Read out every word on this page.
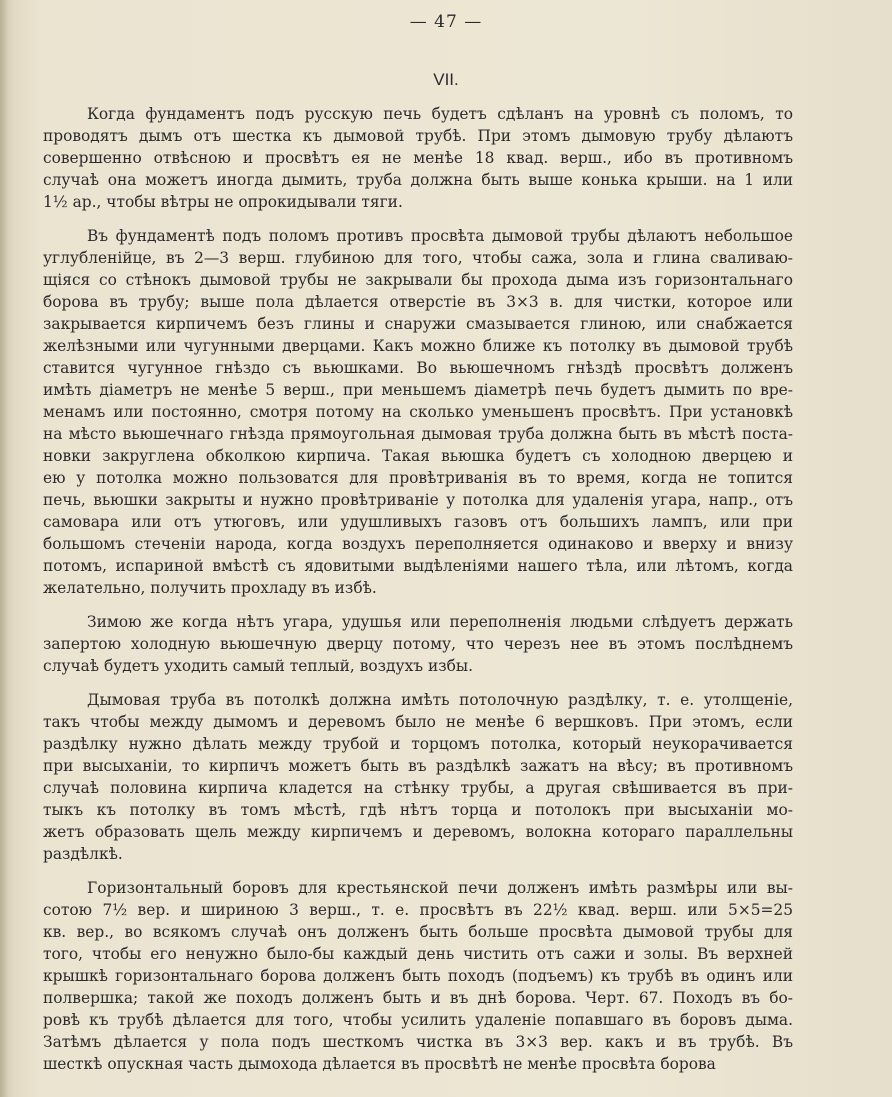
— 47 —
VII.
Когда фундаментъ подъ русскую печь будетъ сдѣланъ на уровнѣ съ поломъ, то
проводятъ дымъ отъ шестка къ дымовой трубѣ. При этомъ дымовую трубу дѣлаютъ
совершенно отвѣсною и просвѣтъ ея не менѣе 18 квад. верш., ибо въ противномъ
случаѣ она можетъ иногда дымить, труба должна быть выше конька крыши. на 1 или
1½ ар., чтобы вѣтры не опрокидывали тяги.
Въ фундаментѣ подъ поломъ противъ просвѣта дымовой трубы дѣлаютъ небольшое
углубленійце, въ 2—3 верш. глубиною для того, чтобы сажа, зола и глина сваливаю-
щіяся со стѣнокъ дымовой трубы не закрывали бы прохода дыма изъ горизонтальнаго
борова въ трубу; выше пола дѣлается отверстіе въ 3×3 в. для чистки, которое или
закрывается кирпичемъ безъ глины и снаружи смазывается глиною, или снабжается
желѣзными или чугунными дверцами. Какъ можно ближе къ потолку въ дымовой трубѣ
ставится чугунное гнѣздо съ вьюшками. Во вьюшечномъ гнѣздѣ просвѣтъ долженъ
имѣть діаметръ не менѣе 5 верш., при меньшемъ діаметрѣ печь будетъ дымить по вре-
менамъ или постоянно, смотря потому на сколько уменьшенъ просвѣтъ. При установкѣ
на мѣсто вьюшечнаго гнѣзда прямоугольная дымовая труба должна быть въ мѣстѣ поста-
новки закруглена обколкою кирпича. Такая вьюшка будетъ съ холодною дверцею и
ею у потолка можно пользоватся для провѣтриванія въ то время, когда не топится
печь, вьюшки закрыты и нужно провѣтриваніе у потолка для удаленія угара, напр., отъ
самовара или отъ утюговъ, или удушливыхъ газовъ отъ большихъ лампъ, или при
большомъ стеченіи народа, когда воздухъ переполняется одинаково и вверху и внизу
потомъ, испариной вмѣстѣ съ ядовитыми выдѣленіями нашего тѣла, или лѣтомъ, когда
желательно, получить прохладу въ избѣ.
Зимою же когда нѣтъ угара, удушья или переполненія людьми слѣдуетъ держать
запертою холодную вьюшечную дверцу потому, что черезъ нее въ этомъ послѣднемъ
случаѣ будетъ уходить самый теплый, воздухъ избы.
Дымовая труба въ потолкѣ должна имѣть потолочную раздѣлку, т. е. утолщеніе,
такъ чтобы между дымомъ и деревомъ было не менѣе 6 вершковъ. При этомъ, если
раздѣлку нужно дѣлать между трубой и торцомъ потолка, который неукорачивается
при высыханіи, то кирпичъ можетъ быть въ раздѣлкѣ зажатъ на вѣсу; въ противномъ
случаѣ половина кирпича кладется на стѣнку трубы, а другая свѣшивается въ при-
тыкъ къ потолку въ томъ мѣстѣ, гдѣ нѣтъ торца и потолокъ при высыханіи мо-
жетъ образовать щель между кирпичемъ и деревомъ, волокна котораго параллельны
раздѣлкѣ.
Горизонтальный боровъ для крестьянской печи долженъ имѣть размѣры или вы-
сотою 7½ вер. и шириною 3 верш., т. е. просвѣтъ въ 22½ квад. верш. или 5×5=25
кв. вер., во всякомъ случаѣ онъ долженъ быть больше просвѣта дымовой трубы для
того, чтобы его ненужно было-бы каждый день чистить отъ сажи и золы. Въ верхней
крышкѣ горизонтальнаго борова долженъ быть походъ (подъемъ) къ трубѣ въ одинъ или
полвершка; такой же походъ долженъ быть и въ днѣ борова. Черт. 67. Походъ въ бо-
ровѣ къ трубѣ дѣлается для того, чтобы усилить удаленіе попавшаго въ боровъ дыма.
Затѣмъ дѣлается у пола подъ шесткомъ чистка въ 3×3 вер. какъ и въ трубѣ. Въ
шесткѣ опускная часть дымохода дѣлается въ просвѣтѣ не менѣе просвѣта борова
